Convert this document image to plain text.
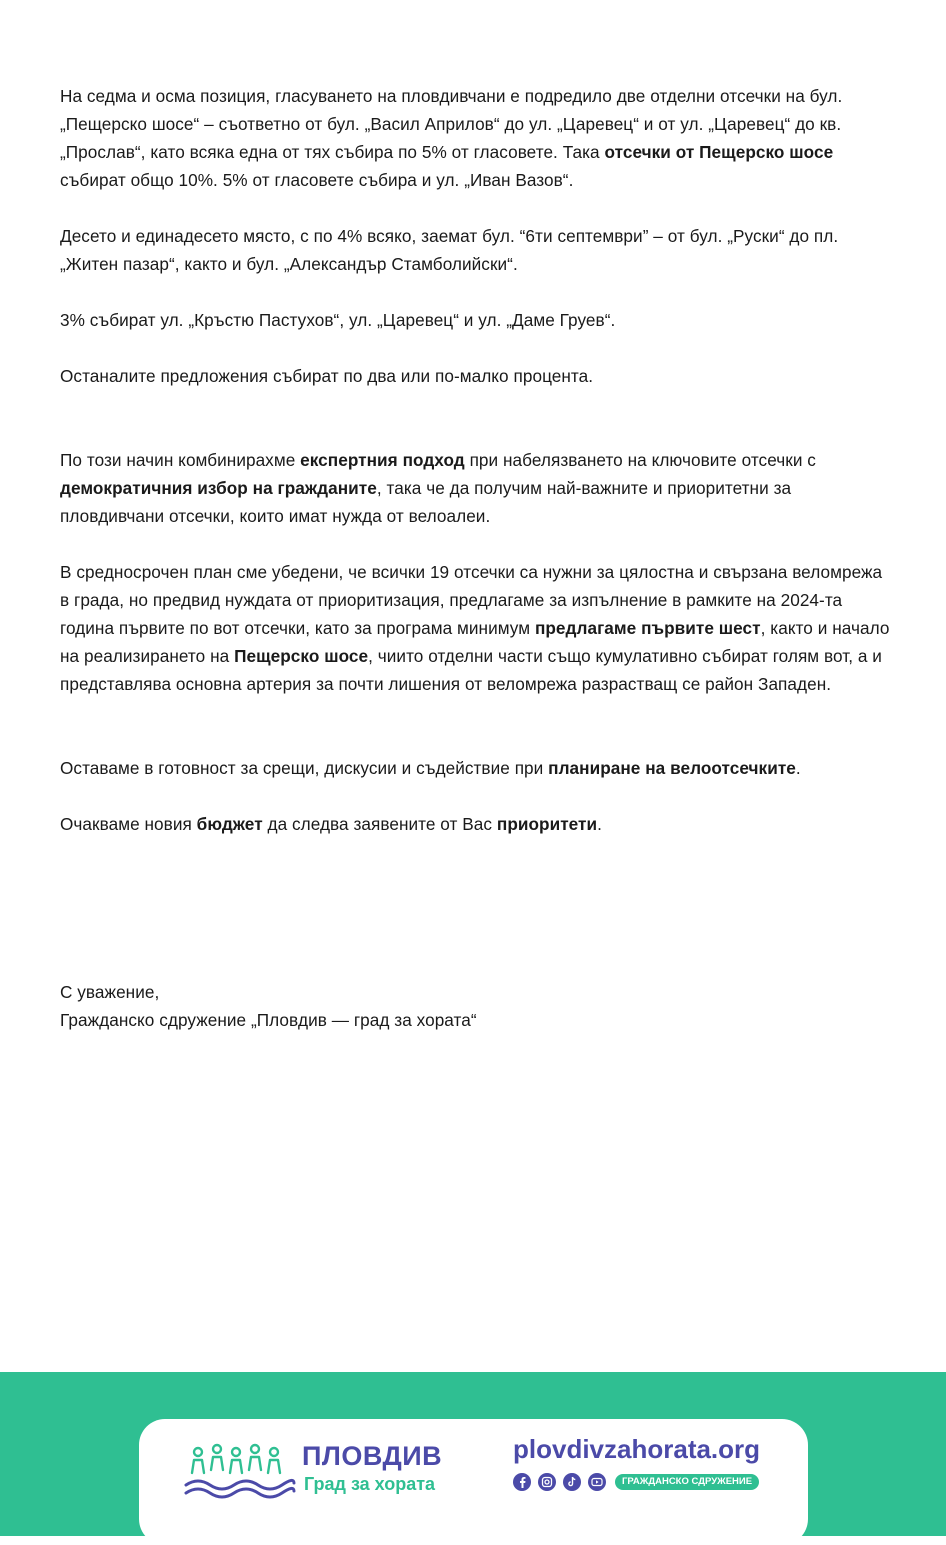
На седма и осма позиция, гласуването на пловдивчани е подредило две отделни отсечки на бул. „Пещерско шосе“ – съответно от бул. „Васил Априлов“ до ул. „Царевец“ и от ул. „Царевец“ до кв. „Прослав“, като всяка една от тях събира по 5% от гласовете. Така отсечки от Пещерско шосе събират общо 10%. 5% от гласовете събира и ул. „Иван Вазов“.

Десето и единадесето място, с по 4% всяко, заемат бул. “6ти септември” – от бул. „Руски“ до пл. „Житен пазар“, както и бул. „Александър Стамболийски“.

3% събират ул. „Кръстю Пастухов“, ул. „Царевец“ и ул. „Даме Груев“.

Останалите предложения събират по два или по-малко процента.

По този начин комбинирахме експертния подход при набелязването на ключовите отсечки с демократичния избор на гражданите, така че да получим най-важните и приоритетни за пловдивчани отсечки, които имат нужда от велоалеи.

В средносрочен план сме убедени, че всички 19 отсечки са нужни за цялостна и свързана веломрежа в града, но предвид нуждата от приоритизация, предлагаме за изпълнение в рамките на 2024-та година първите по вот отсечки, като за програма минимум предлагаме първите шест, както и начало на реализирането на Пещерско шосе, чиито отделни части също кумулативно събират голям вот, а и представлява основна артерия за почти лишения от веломрежа разрастващ се район Западен.

Оставаме в готовност за срещи, дискусии и съдействие при планиране на велоотсечките.

Очакваме новия бюджет да следва заявените от Вас приоритети.

С уважение,

Гражданско сдружение „Пловдив — град за хората“

ПЛОВДИВ
Град за хората
plovdivzahorata.org
ГРАЖДАНСКО СДРУЖЕНИЕ
